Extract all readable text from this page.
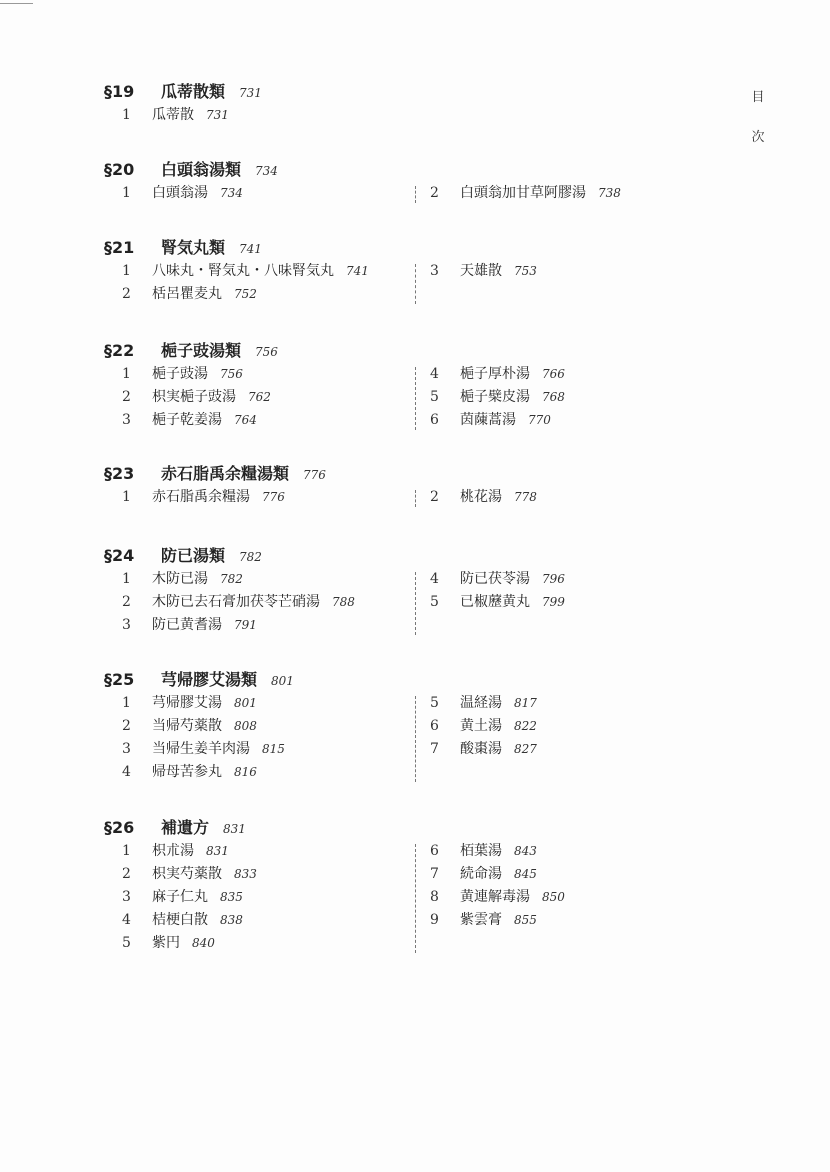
目
次
§19 瓜蒂散類 731
1 瓜蒂散 731
§20 白頭翁湯類 734
1 白頭翁湯 734	2 白頭翁加甘草阿膠湯 738
§21 腎気丸類 741
1 八味丸・腎気丸・八味腎気丸 741
2 栝呂瞿麦丸 752
3 天雄散 753
§22 梔子豉湯類 756
1 梔子豉湯 756
2 枳実梔子豉湯 762
3 梔子乾姜湯 764
4 梔子厚朴湯 766
5 梔子檗皮湯 768
6 茵蔯蒿湯 770
§23 赤石脂禹余糧湯類 776
1 赤石脂禹余糧湯 776	2 桃花湯 778
§24 防已湯類 782
1 木防已湯 782
2 木防已去石膏加茯苓芒硝湯 788
3 防已黄耆湯 791
4 防已茯苓湯 796
5 已椒藶黄丸 799
§25 芎帰膠艾湯類 801
1 芎帰膠艾湯 801
2 当帰芍薬散 808
3 当帰生姜羊肉湯 815
4 帰母苦参丸 816
5 温経湯 817
6 黄土湯 822
7 酸棗湯 827
§26 補遺方 831
1 枳朮湯 831
2 枳実芍薬散 833
3 麻子仁丸 835
4 桔梗白散 838
5 紫円 840
6 栢葉湯 843
7 続命湯 845
8 黄連解毒湯 850
9 紫雲膏 855
